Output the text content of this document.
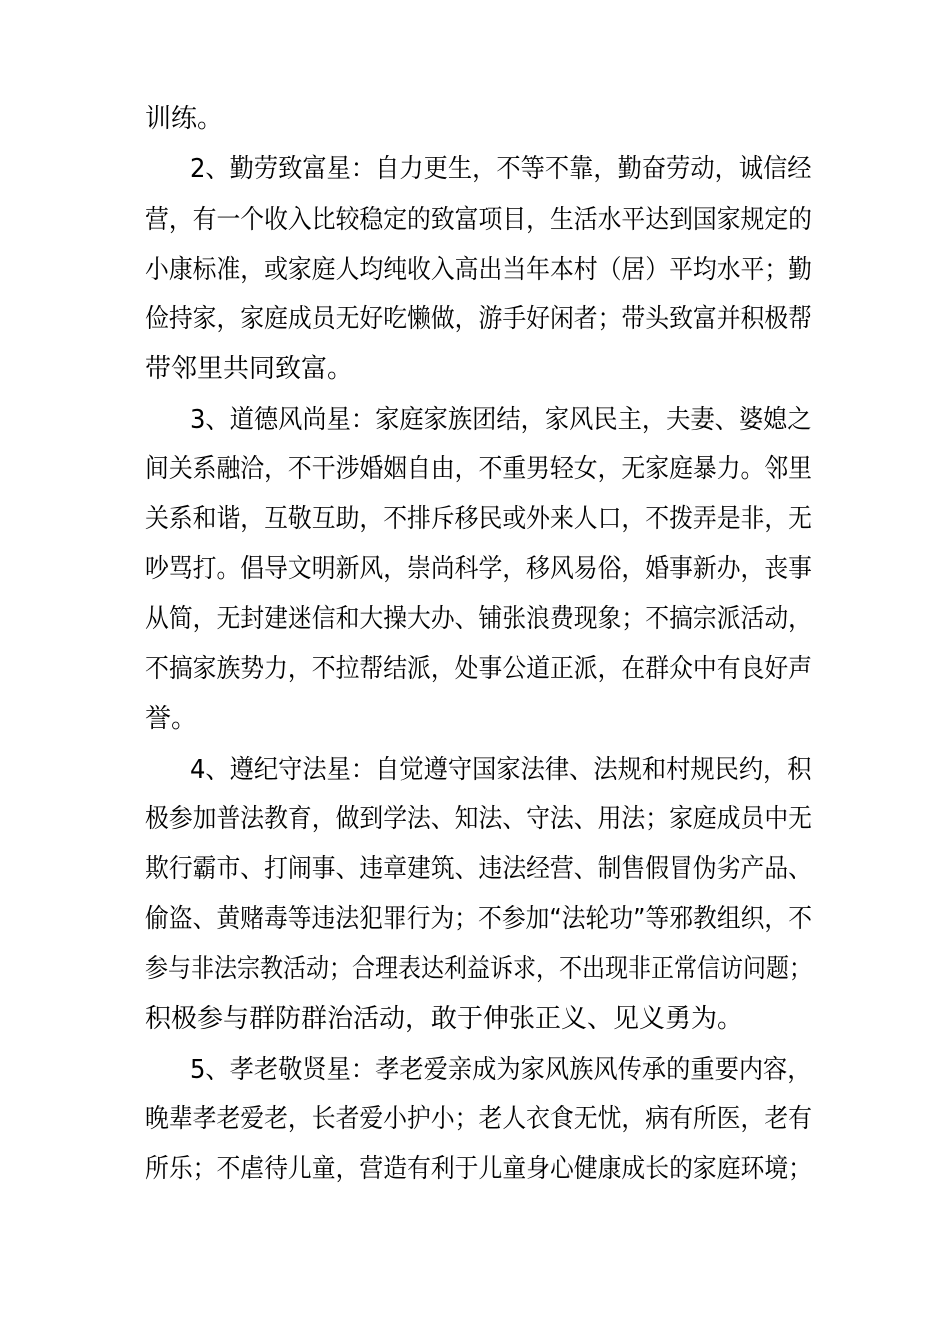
训练。
2、勤劳致富星：自力更生，不等不靠，勤奋劳动，诚信经
营，有一个收入比较稳定的致富项目，生活水平达到国家规定的
小康标准，或家庭人均纯收入高出当年本村（居）平均水平；勤
俭持家，家庭成员无好吃懒做，游手好闲者；带头致富并积极帮
带邻里共同致富。
3、道德风尚星：家庭家族团结，家风民主，夫妻、婆媳之
间关系融洽，不干涉婚姻自由，不重男轻女，无家庭暴力。邻里
关系和谐，互敬互助，不排斥移民或外来人口，不拨弄是非，无
吵骂打。倡导文明新风，崇尚科学，移风易俗，婚事新办，丧事
从简，无封建迷信和大操大办、铺张浪费现象；不搞宗派活动，
不搞家族势力，不拉帮结派，处事公道正派，在群众中有良好声
誉。
4、遵纪守法星：自觉遵守国家法律、法规和村规民约，积
极参加普法教育，做到学法、知法、守法、用法；家庭成员中无
欺行霸市、打闹事、违章建筑、违法经营、制售假冒伪劣产品、
偷盗、黄赌毒等违法犯罪行为；不参加“法轮功”等邪教组织，不
参与非法宗教活动；合理表达利益诉求，不出现非正常信访问题；
积极参与群防群治活动，敢于伸张正义、见义勇为。
5、孝老敬贤星：孝老爱亲成为家风族风传承的重要内容，
晚辈孝老爱老，长者爱小护小；老人衣食无忧，病有所医，老有
所乐；不虐待儿童，营造有利于儿童身心健康成长的家庭环境；
